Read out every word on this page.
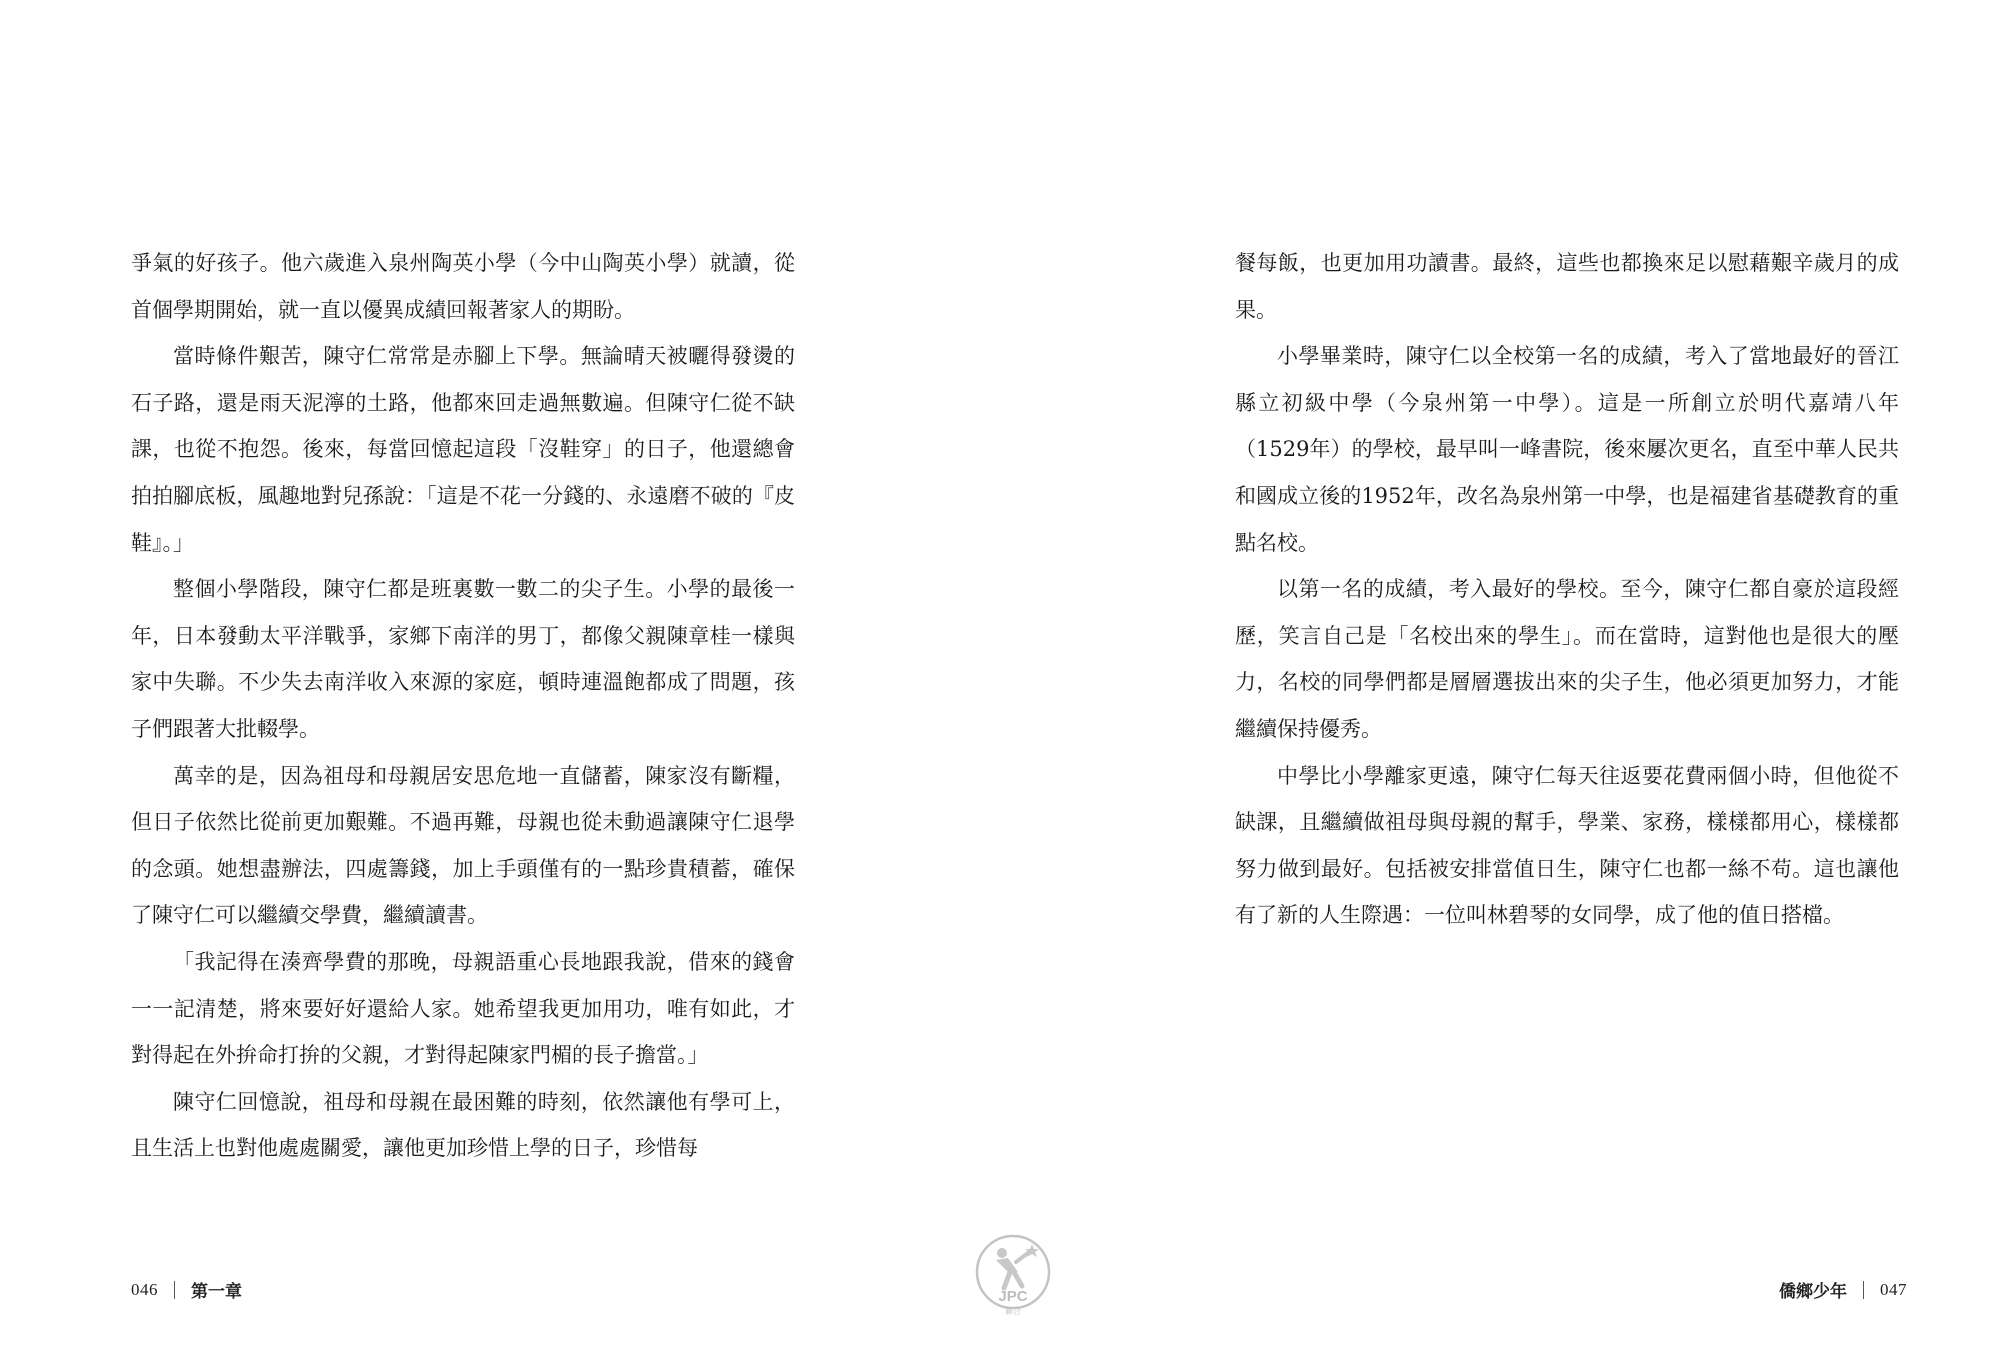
爭氣的好孩子。他六歲進入泉州陶英小學（今中山陶英小學）就讀，從首個學期開始，就一直以優異成績回報著家人的期盼。

當時條件艱苦，陳守仁常常是赤腳上下學。無論晴天被曬得發燙的石子路，還是雨天泥濘的土路，他都來回走過無數遍。但陳守仁從不缺課，也從不抱怨。後來，每當回憶起這段「沒鞋穿」的日子，他還總會拍拍腳底板，風趣地對兒孫說：「這是不花一分錢的、永遠磨不破的『皮鞋』。」

整個小學階段，陳守仁都是班裏數一數二的尖子生。小學的最後一年，日本發動太平洋戰爭，家鄉下南洋的男丁，都像父親陳章桂一樣與家中失聯。不少失去南洋收入來源的家庭，頓時連溫飽都成了問題，孩子們跟著大批輟學。

萬幸的是，因為祖母和母親居安思危地一直儲蓄，陳家沒有斷糧，但日子依然比從前更加艱難。不過再難，母親也從未動過讓陳守仁退學的念頭。她想盡辦法，四處籌錢，加上手頭僅有的一點珍貴積蓄，確保了陳守仁可以繼續交學費，繼續讀書。

「我記得在湊齊學費的那晚，母親語重心長地跟我說，借來的錢會一一記清楚，將來要好好還給人家。她希望我更加用功，唯有如此，才對得起在外拚命打拚的父親，才對得起陳家門楣的長子擔當。」

陳守仁回憶說，祖母和母親在最困難的時刻，依然讓他有學可上，且生活上也對他處處關愛，讓他更加珍惜上學的日子，珍惜每

046 第一章

餐每飯，也更加用功讀書。最終，這些也都換來足以慰藉艱辛歲月的成果。

小學畢業時，陳守仁以全校第一名的成績，考入了當地最好的晉江縣立初級中學（今泉州第一中學）。這是一所創立於明代嘉靖八年（1529年）的學校，最早叫一峰書院，後來屢次更名，直至中華人民共和國成立後的1952年，改名為泉州第一中學，也是福建省基礎教育的重點名校。

以第一名的成績，考入最好的學校。至今，陳守仁都自豪於這段經歷，笑言自己是「名校出來的學生」。而在當時，這對他也是很大的壓力，名校的同學們都是層層選拔出來的尖子生，他必須更加努力，才能繼續保持優秀。

中學比小學離家更遠，陳守仁每天往返要花費兩個小時，但他從不缺課，且繼續做祖母與母親的幫手，學業、家務，樣樣都用心，樣樣都努力做到最好。包括被安排當值日生，陳守仁也都一絲不苟。這也讓他有了新的人生際遇：一位叫林碧琴的女同學，成了他的值日搭檔。

僑鄉少年 047
JPC
聯合
